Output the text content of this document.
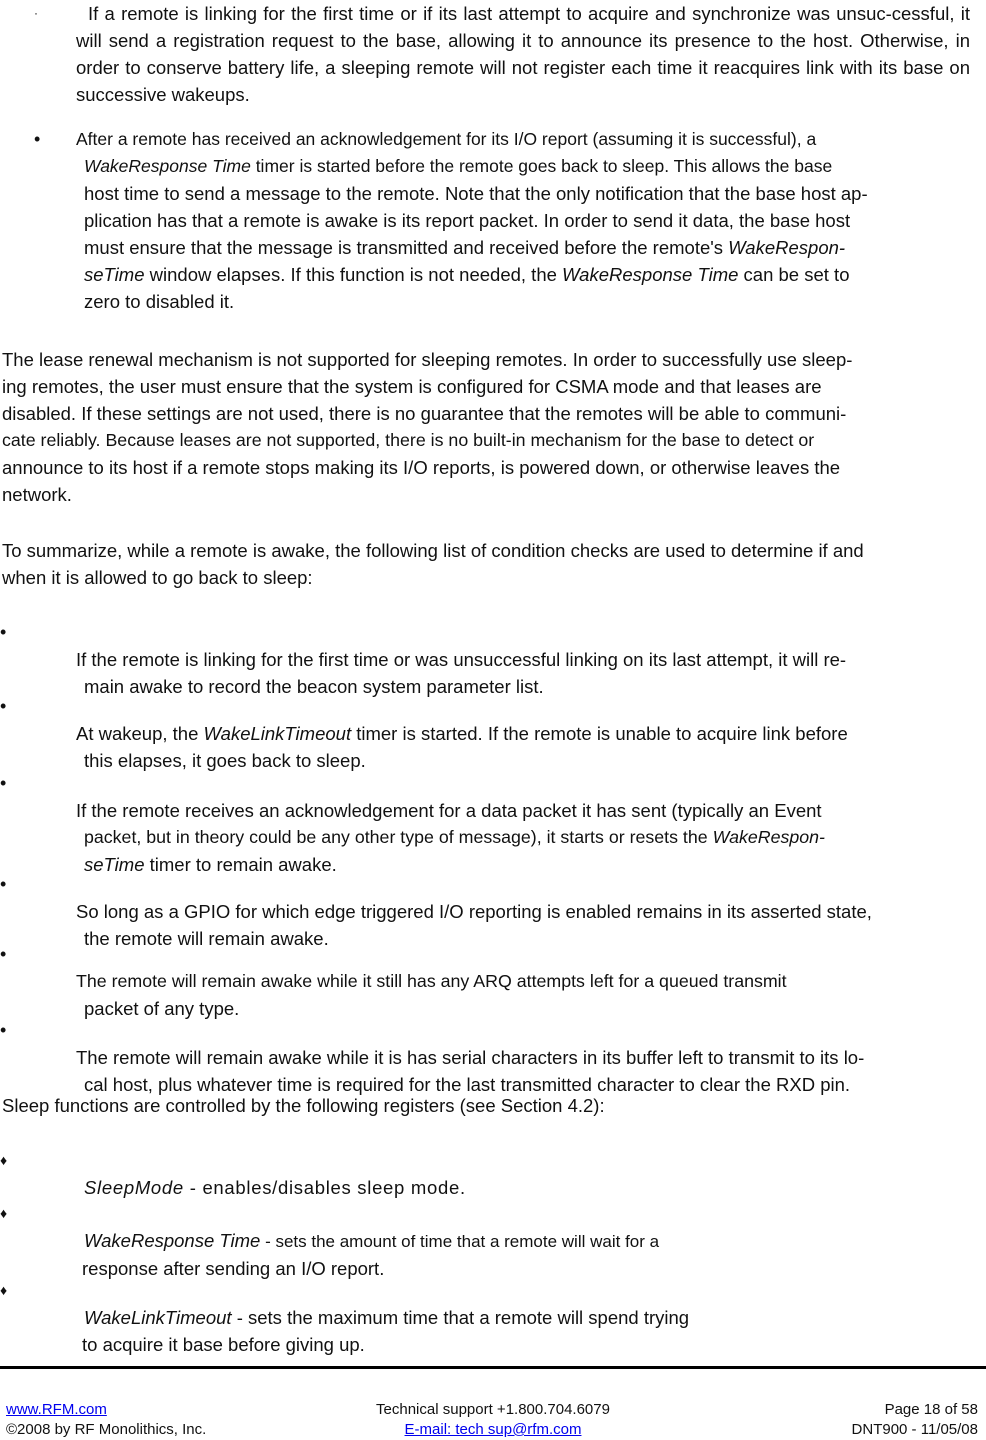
·	If a remote is linking for the first time or if its last attempt to acquire and synchronize was unsuc-cessful, it will send a registration request to the base, allowing it to announce its presence to the host. Otherwise, in order to conserve battery life, a sleeping remote will not register each time it reacquires link with its base on successive wakeups.
• After a remote has received an acknowledgement for its I/O report (assuming it is successful), a
WakeResponse Time timer is started before the remote goes back to sleep. This allows the base
host time to send a message to the remote. Note that the only notification that the base host ap-
plication has that a remote is awake is its report packet. In order to send it data, the base host
must ensure that the message is transmitted and received before the remote's WakeRespon-
seTime window elapses. If this function is not needed, the WakeResponse Time can be set to
zero to disabled it.

The lease renewal mechanism is not supported for sleeping remotes. In order to successfully use sleep-

ing remotes, the user must ensure that the system is configured for CSMA mode and that leases are

disabled. If these settings are not used, there is no guarantee that the remotes will be able to communi-

cate reliably. Because leases are not supported, there is no built-in mechanism for the base to detect or

announce to its host if a remote stops making its I/O reports, is powered down, or otherwise leaves the

network.

To summarize, while a remote is awake, the following list of condition checks are used to determine if and

when it is allowed to go back to sleep:

•
If the remote is linking for the first time or was unsuccessful linking on its last attempt, it will re-
main awake to record the beacon system parameter list.
•
At wakeup, the WakeLinkTimeout timer is started. If the remote is unable to acquire link before
this elapses, it goes back to sleep.
•
If the remote receives an acknowledgement for a data packet it has sent (typically an Event
packet, but in theory could be any other type of message), it starts or resets the WakeRespon-
seTime timer to remain awake.
•
So long as a GPIO for which edge triggered I/O reporting is enabled remains in its asserted state,
the remote will remain awake.
•
The remote will remain awake while it still has any ARQ attempts left for a queued transmit
packet of any type.
•
The remote will remain awake while it is has serial characters in its buffer left to transmit to its lo-
cal host, plus whatever time is required for the last transmitted character to clear the RXD pin.

Sleep functions are controlled by the following registers (see Section 4.2):

♦
SleepMode - enables/disables sleep mode.
♦
WakeResponse Time - sets the amount of time that a remote will wait for a
response after sending an I/O report.
♦
WakeLinkTimeout - sets the maximum time that a remote will spend trying
to acquire it base before giving up.
www.RFM.com
©2008 by RF Monolithics, Inc.
Technical support +1.800.704.6079
E-mail: tech sup@rfm.com
Page 18 of 58
DNT900 - 11/05/08
